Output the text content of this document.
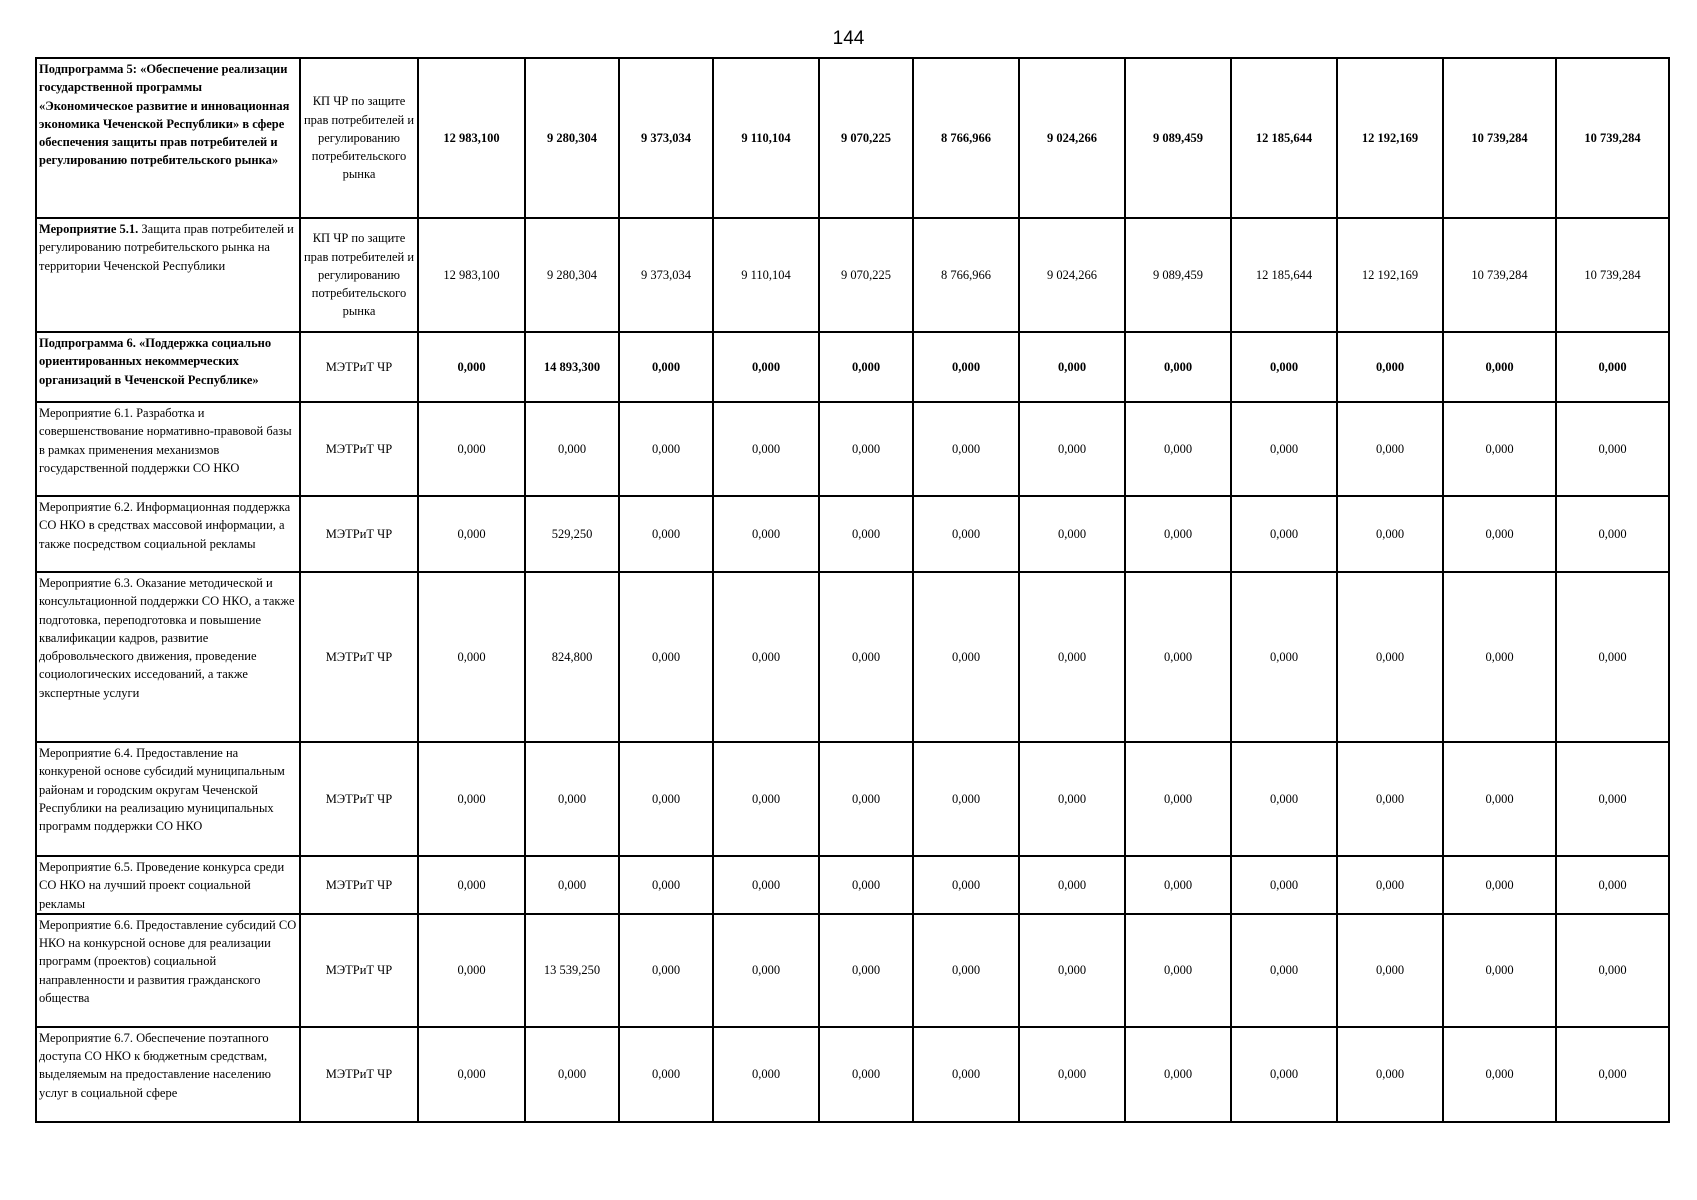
144
Подпрограмма 5: «Обеспечение реализации государственной программы «Экономическое развитие и инновационная экономика Чеченской Республики» в сфере обеспечения защиты прав потребителей и регулированию потребительского рынка»	КП ЧР по защите прав потребителей и регулированию потребительского рынка	12 983,100	9 280,304	9 373,034	9 110,104	9 070,225	8 766,966	9 024,266	9 089,459	12 185,644	12 192,169	10 739,284	10 739,284
Мероприятие 5.1. Защита прав потребителей и регулированию потребительского рынка на территории Чеченской Республики	КП ЧР по защите прав потребителей и регулированию потребительского рынка	12 983,100	9 280,304	9 373,034	9 110,104	9 070,225	8 766,966	9 024,266	9 089,459	12 185,644	12 192,169	10 739,284	10 739,284
Подпрограмма 6. «Поддержка социально ориентированных некоммерческих организаций в Чеченской Республике»	МЭТРиТ ЧР	0,000	14 893,300	0,000	0,000	0,000	0,000	0,000	0,000	0,000	0,000	0,000	0,000
Мероприятие 6.1. Разработка и совершенствование нормативно-правовой базы в рамках применения механизмов государственной поддержки СО НКО	МЭТРиТ ЧР	0,000	0,000	0,000	0,000	0,000	0,000	0,000	0,000	0,000	0,000	0,000	0,000
Мероприятие 6.2. Информационная поддержка СО НКО в средствах массовой информации, а также посредством социальной рекламы	МЭТРиТ ЧР	0,000	529,250	0,000	0,000	0,000	0,000	0,000	0,000	0,000	0,000	0,000	0,000
Мероприятие 6.3. Оказание методической и консультационной поддержки СО НКО, а также подготовка, переподготовка и повышение квалификации кадров, развитие добровольческого движения, проведение социологических исседований, а также экспертные услуги	МЭТРиТ ЧР	0,000	824,800	0,000	0,000	0,000	0,000	0,000	0,000	0,000	0,000	0,000	0,000
Мероприятие 6.4. Предоставление на конкуреной основе субсидий муниципальным районам и городским округам Чеченской Республики на реализацию муниципальных программ поддержки СО НКО	МЭТРиТ ЧР	0,000	0,000	0,000	0,000	0,000	0,000	0,000	0,000	0,000	0,000	0,000	0,000
Мероприятие 6.5. Проведение конкурса среди СО НКО на лучший проект социальной рекламы	МЭТРиТ ЧР	0,000	0,000	0,000	0,000	0,000	0,000	0,000	0,000	0,000	0,000	0,000	0,000
Мероприятие 6.6. Предоставление субсидий СО НКО на конкурсной основе для реализации программ (проектов) социальной направленности и развития гражданского общества	МЭТРиТ ЧР	0,000	13 539,250	0,000	0,000	0,000	0,000	0,000	0,000	0,000	0,000	0,000	0,000
Мероприятие 6.7. Обеспечение поэтапного доступа СО НКО к бюджетным средствам, выделяемым на предоставление населению услуг в социальной сфере	МЭТРиТ ЧР	0,000	0,000	0,000	0,000	0,000	0,000	0,000	0,000	0,000	0,000	0,000	0,000
